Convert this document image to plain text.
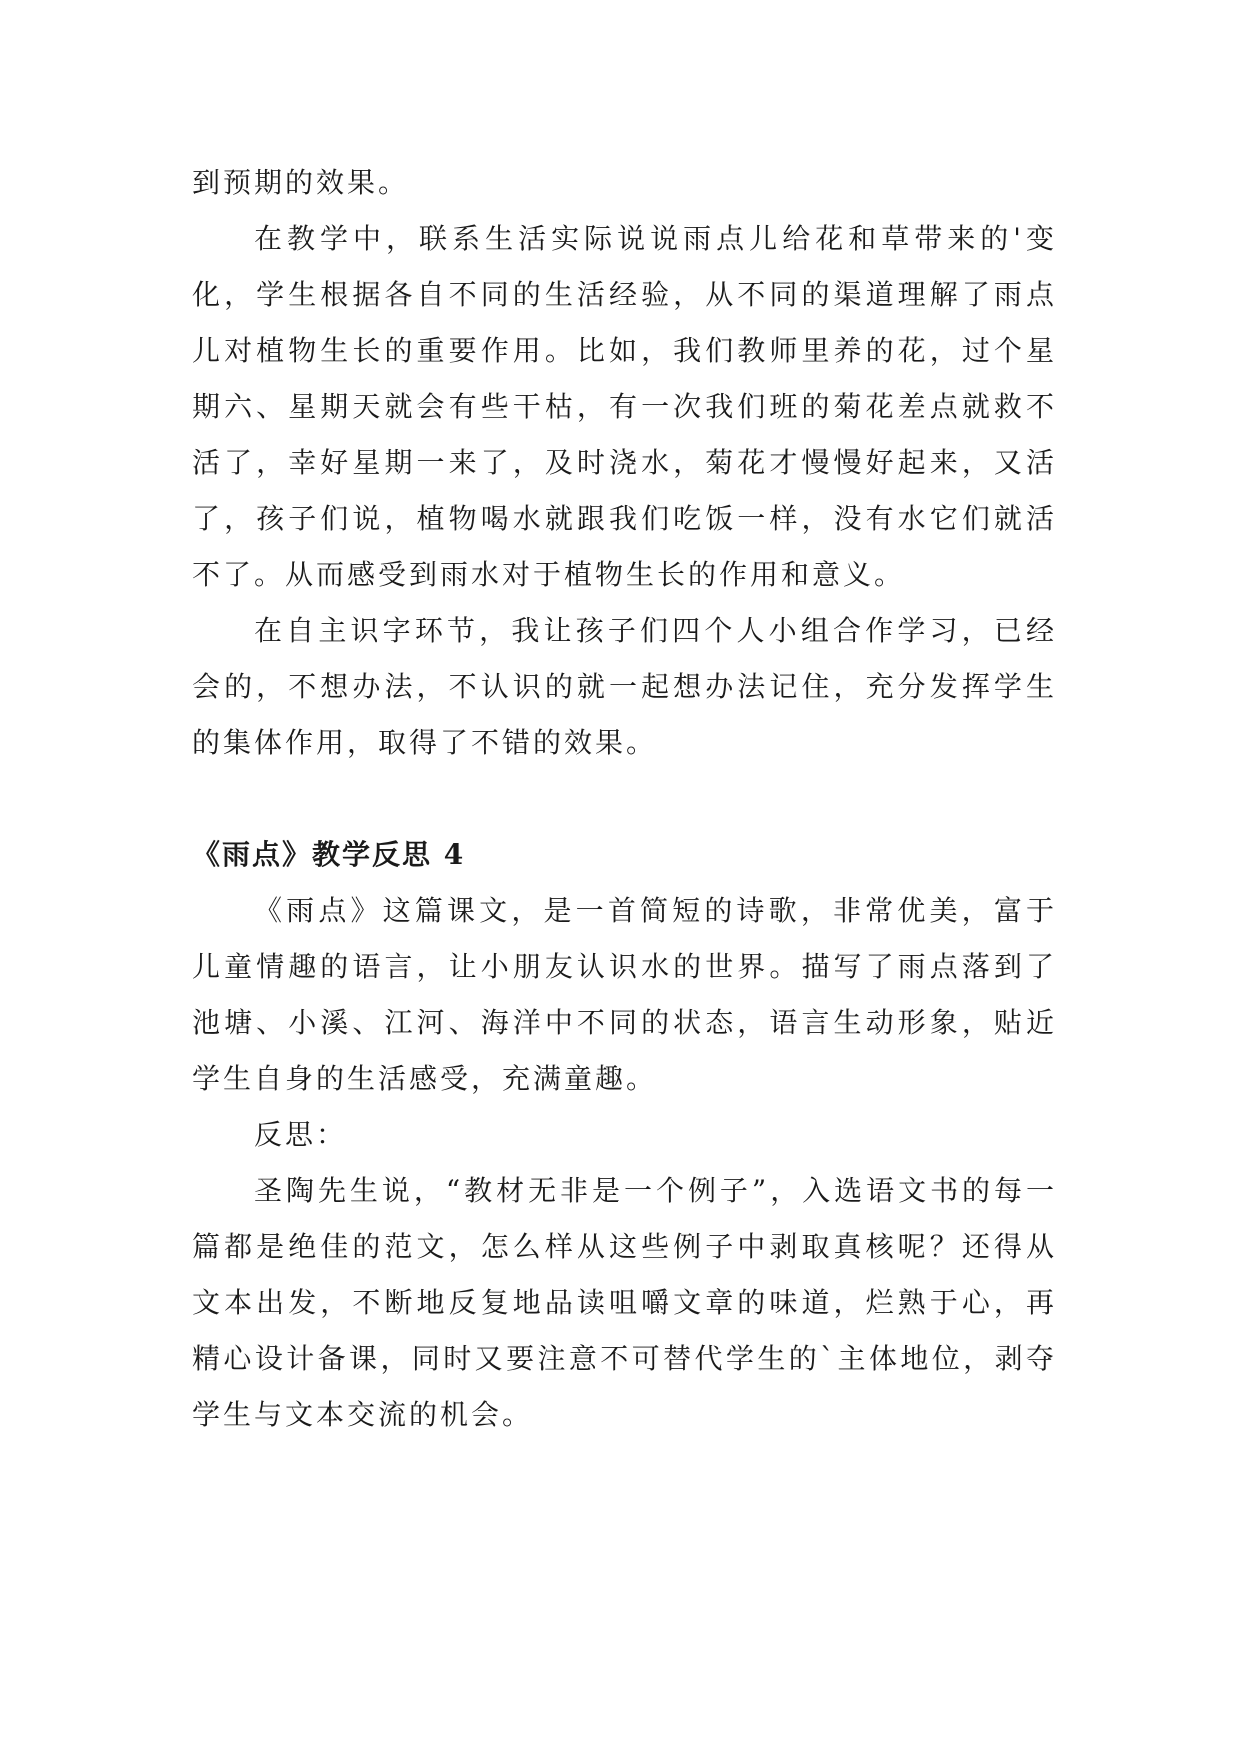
到预期的效果。

在教学中，联系生活实际说说雨点儿给花和草带来的'变化，学生根据各自不同的生活经验，从不同的渠道理解了雨点儿对植物生长的重要作用。比如，我们教师里养的花，过个星期六、星期天就会有些干枯，有一次我们班的菊花差点就救不活了，幸好星期一来了，及时浇水，菊花才慢慢好起来，又活了，孩子们说，植物喝水就跟我们吃饭一样，没有水它们就活不了。从而感受到雨水对于植物生长的作用和意义。

在自主识字环节，我让孩子们四个人小组合作学习，已经会的，不想办法，不认识的就一起想办法记住，充分发挥学生的集体作用，取得了不错的效果。

《雨点》教学反思 4

《雨点》这篇课文，是一首简短的诗歌，非常优美，富于儿童情趣的语言，让小朋友认识水的世界。描写了雨点落到了池塘、小溪、江河、海洋中不同的状态，语言生动形象，贴近学生自身的生活感受，充满童趣。

反思：

圣陶先生说，“教材无非是一个例子”，入选语文书的每一篇都是绝佳的范文，怎么样从这些例子中剥取真核呢？还得从文本出发，不断地反复地品读咀嚼文章的味道，烂熟于心，再精心设计备课，同时又要注意不可替代学生的`主体地位，剥夺学生与文本交流的机会。
